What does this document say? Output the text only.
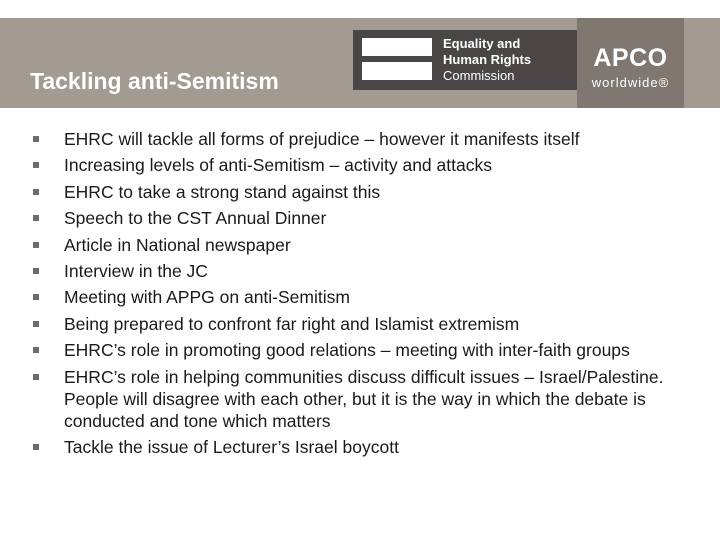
Tackling anti-Semitism
Equality and
Human Rights
Commission
APCO
worldwide®
EHRC will tackle all forms of prejudice – however it manifests itself
Increasing levels of anti-Semitism – activity and attacks
EHRC to take a strong stand against this
Speech to the CST Annual Dinner
Article in National newspaper
Interview in the JC
Meeting with APPG on anti-Semitism
Being prepared to confront far right and Islamist extremism
EHRC’s role in promoting good relations – meeting with inter-faith groups
EHRC’s role in helping communities discuss difficult issues – Israel/Palestine. People will disagree with each other, but it is the way in which the debate is conducted and tone which matters
Tackle the issue of Lecturer’s Israel boycott
